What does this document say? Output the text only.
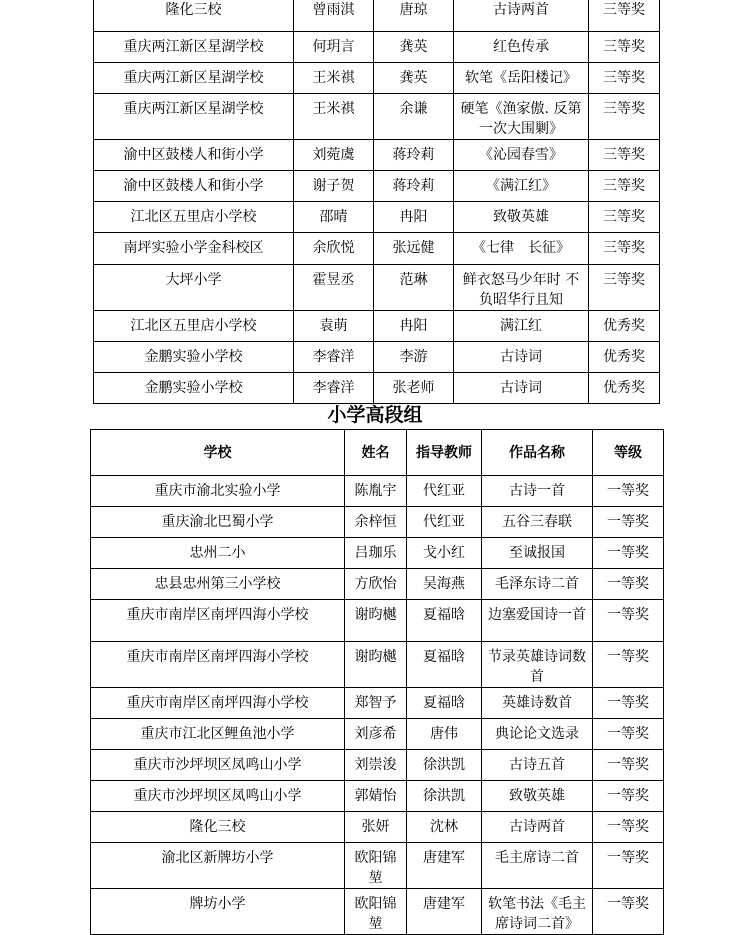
隆化三校	曾雨淇	唐琼	古诗两首	三等奖
重庆两江新区星湖学校	何玥言	龚英	红色传承	三等奖
重庆两江新区星湖学校	王米祺	龚英	软笔《岳阳楼记》	三等奖
重庆两江新区星湖学校	王米祺	余谦	硬笔《渔家傲. 反第一次大围剿》	三等奖
渝中区鼓楼人和街小学	刘菀虞	蒋玲莉	《沁园春雪》	三等奖
渝中区鼓楼人和街小学	谢子贺	蒋玲莉	《满江红》	三等奖
江北区五里店小学校	邵晴	冉阳	致敬英雄	三等奖
南坪实验小学金科校区	余欣悦	张远健	《七律　长征》	三等奖
大坪小学	霍昱丞	范琳	鲜衣怒马少年时 不负昭华行且知	三等奖
江北区五里店小学校	袁萌	冉阳	满江红	优秀奖
金鹏实验小学校	李睿洋	李游	古诗词	优秀奖
金鹏实验小学校	李睿洋	张老师	古诗词	优秀奖
小学高段组
学校	姓名	指导教师	作品名称	等级
重庆市渝北实验小学	陈胤宇	代红亚	古诗一首	一等奖
重庆渝北巴蜀小学	余梓恒	代红亚	五谷三春联	一等奖
忠州二小	吕珈乐	戈小红	至诚报国	一等奖
忠县忠州第三小学校	方欣怡	吴海燕	毛泽东诗二首	一等奖
重庆市南岸区南坪四海小学校	谢昀樾	夏福晗	边塞爱国诗一首	一等奖
重庆市南岸区南坪四海小学校	谢昀樾	夏福晗	节录英雄诗词数首	一等奖
重庆市南岸区南坪四海小学校	郑智予	夏福晗	英雄诗数首	一等奖
重庆市江北区鲤鱼池小学	刘彦希	唐伟	典论论文选录	一等奖
重庆市沙坪坝区凤鸣山小学	刘崇浚	徐洪凯	古诗五首	一等奖
重庆市沙坪坝区凤鸣山小学	郭婧怡	徐洪凯	致敬英雄	一等奖
隆化三校	张妍	沈林	古诗两首	一等奖
渝北区新牌坊小学	欧阳锦堃	唐建军	毛主席诗二首	一等奖
牌坊小学	欧阳锦堃	唐建军	软笔书法《毛主席诗词二首》	一等奖
